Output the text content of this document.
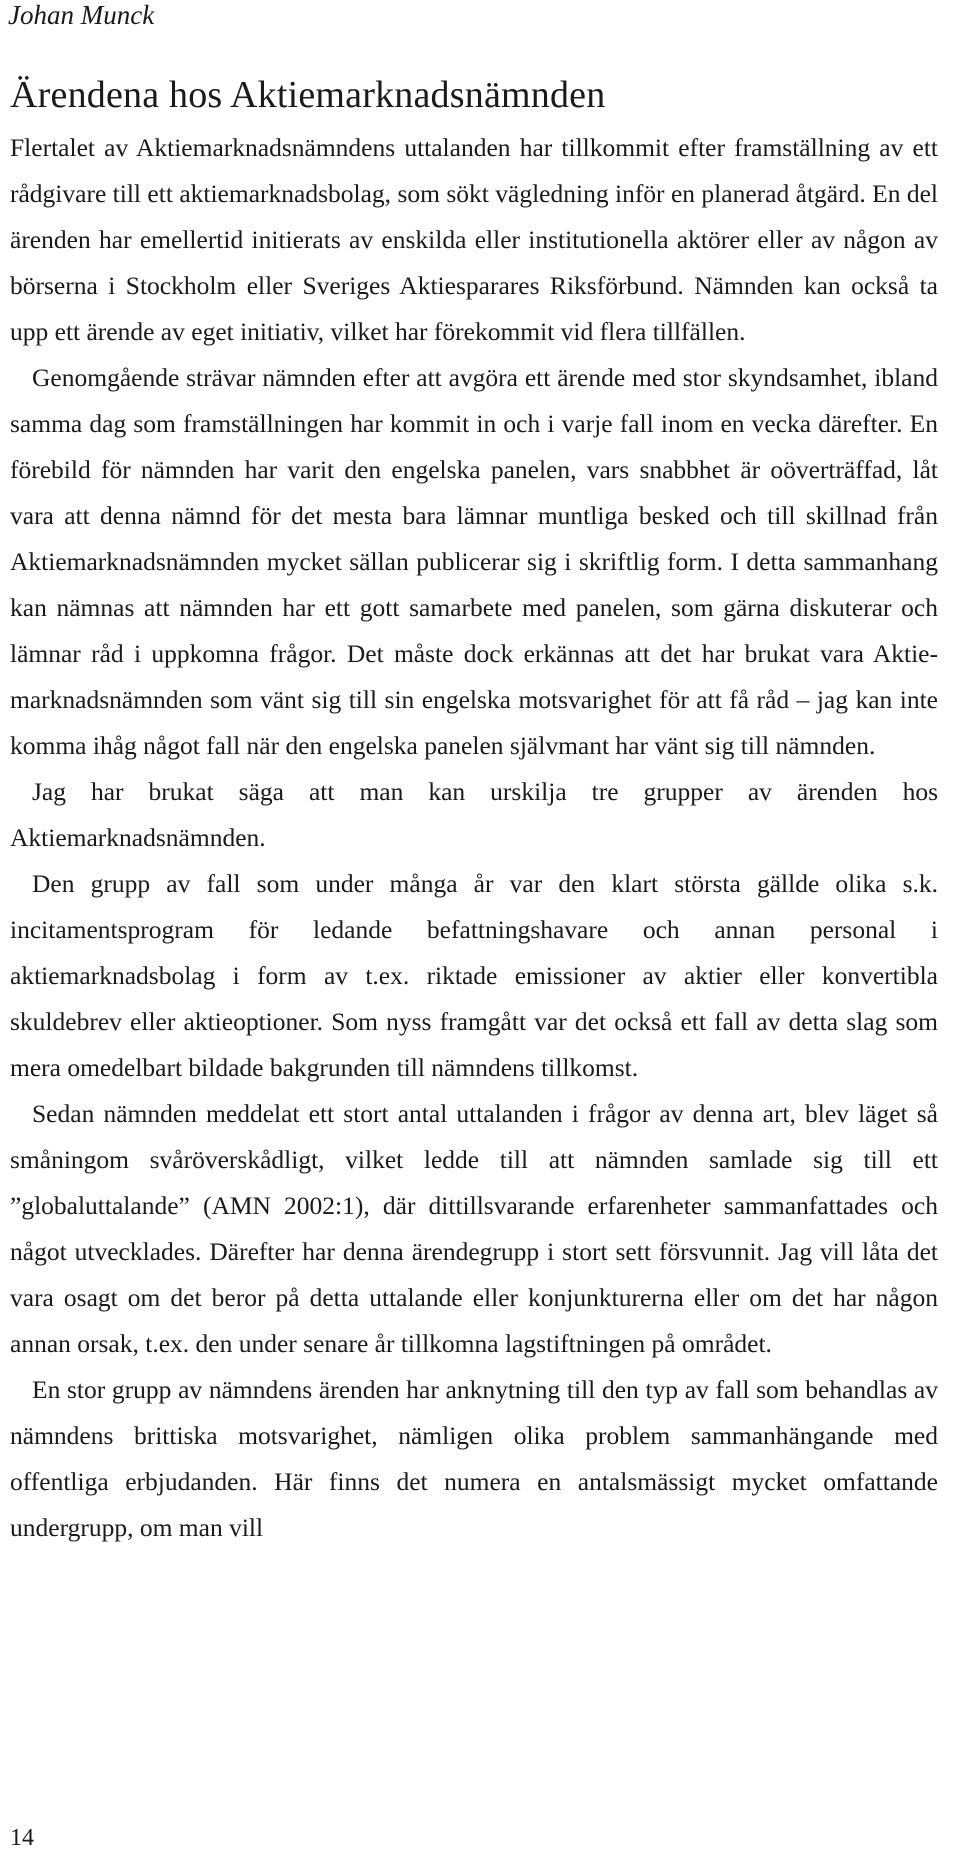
Johan Munck

Ärendena hos Aktiemarknadsnämnden

Flertalet av Aktiemarknadsnämndens uttalanden har tillkommit efter framställning av ett rådgivare till ett aktiemarknadsbolag, som sökt vägledning inför en planerad åtgärd. En del ärenden har emellertid initierats av enskilda eller institutionella aktörer eller av någon av börserna i Stockholm eller Sveriges Aktiesparares Riksförbund. Nämnden kan också ta upp ett ärende av eget initiativ, vilket har förekommit vid flera tillfällen.

Genomgående strävar nämnden efter att avgöra ett ärende med stor skyndsamhet, ibland samma dag som framställningen har kommit in och i varje fall inom en vecka därefter. En förebild för nämnden har varit den engelska panelen, vars snabbhet är oöverträffad, låt vara att denna nämnd för det mesta bara lämnar muntliga besked och till skillnad från Aktiemarknadsnämnden mycket sällan publicerar sig i skriftlig form. I detta sammanhang kan nämnas att nämnden har ett gott samarbete med panelen, som gärna diskuterar och lämnar råd i uppkomna frågor. Det måste dock erkännas att det har brukat vara Aktiemarknadsnämnden som vänt sig till sin engelska motsvarighet för att få råd – jag kan inte komma ihåg något fall när den engelska panelen självmant har vänt sig till nämnden.

Jag har brukat säga att man kan urskilja tre grupper av ärenden hos Aktiemarknadsnämnden.

Den grupp av fall som under många år var den klart största gällde olika s.k. incitamentsprogram för ledande befattningshavare och annan personal i aktiemarknadsbolag i form av t.ex. riktade emissioner av aktier eller konvertibla skuldebrev eller aktieoptioner. Som nyss framgått var det också ett fall av detta slag som mera omedelbart bildade bakgrunden till nämndens tillkomst.

Sedan nämnden meddelat ett stort antal uttalanden i frågor av denna art, blev läget så småningom svåröverskådligt, vilket ledde till att nämnden samlade sig till ett ”globaluttalande” (AMN 2002:1), där dittillsvarande erfarenheter sammanfattades och något utvecklades. Därefter har denna ärendegrupp i stort sett försvunnit. Jag vill låta det vara osagt om det beror på detta uttalande eller konjunkturerna eller om det har någon annan orsak, t.ex. den under senare år tillkomna lagstiftningen på området.

En stor grupp av nämndens ärenden har anknytning till den typ av fall som behandlas av nämndens brittiska motsvarighet, nämligen olika problem sammanhängande med offentliga erbjudanden. Här finns det numera en antalsmässigt mycket omfattande undergrupp, om man vill

14
